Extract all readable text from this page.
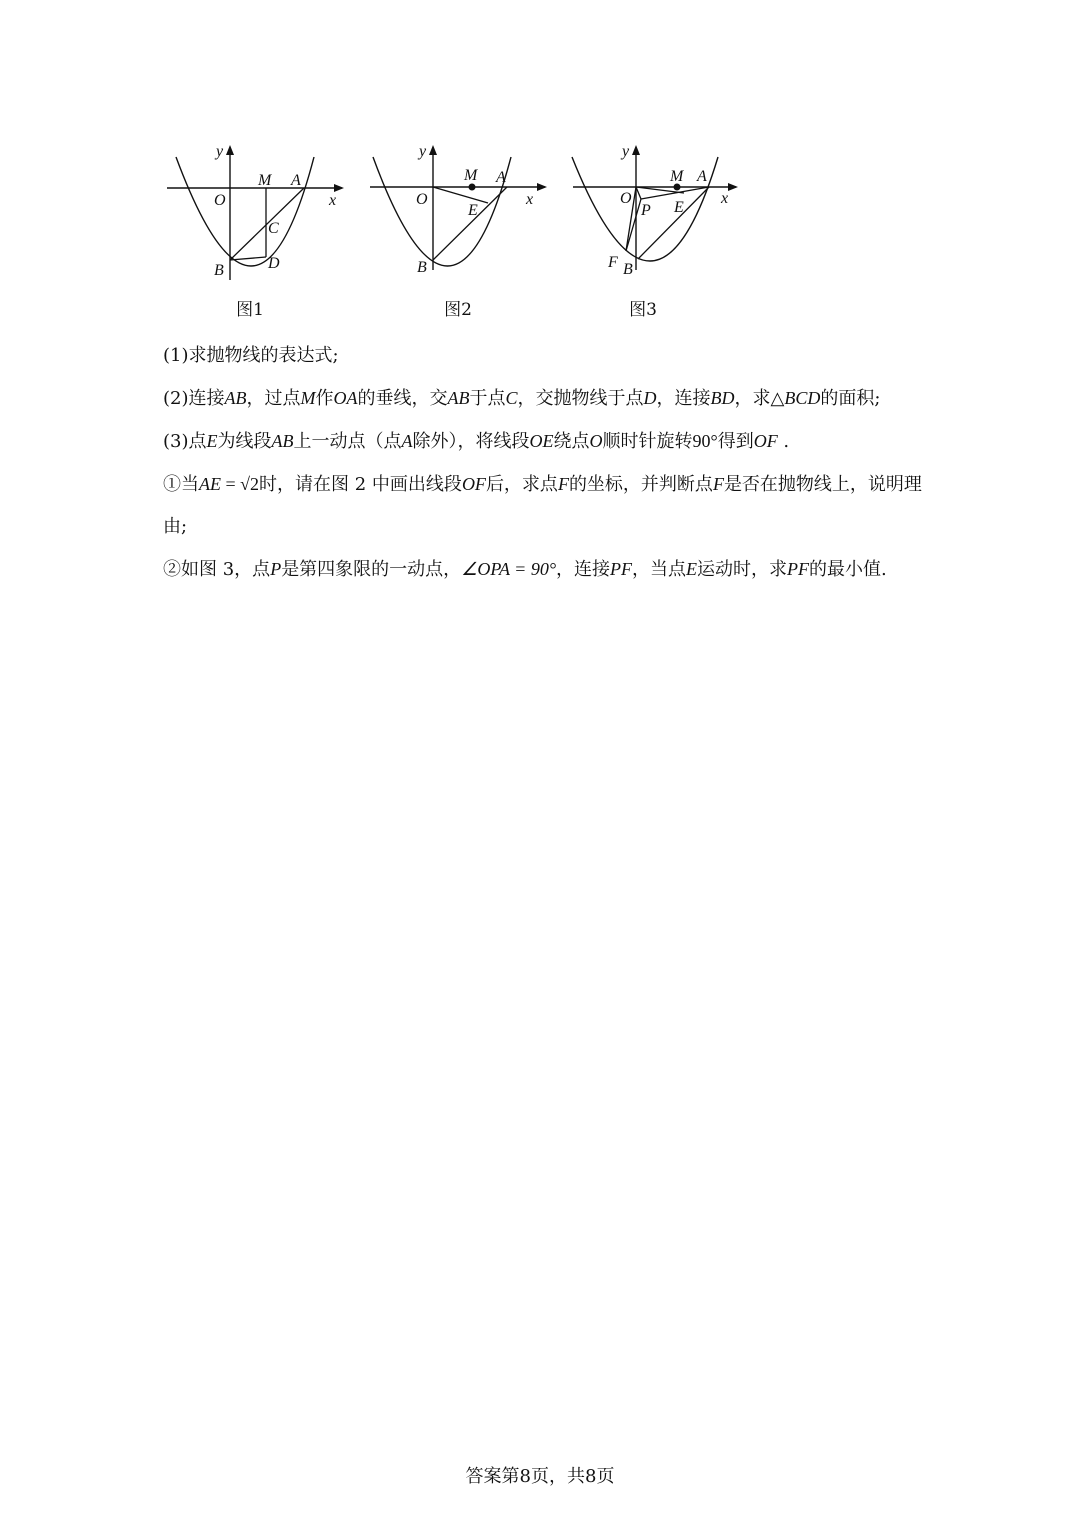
y
x
O
M A
C
D
B
图1
y
x
O
M A
E
B
图2
y
x
O
M A
E
P
F B
图3

(1)求抛物线的表达式;

(2)连接AB，过点M作OA的垂线，交AB于点C，交抛物线于点D，连接BD，求△BCD的面积;

(3)点E为线段AB上一动点（点A除外），将线段OE绕点O顺时针旋转90°得到OF .

①当AE = √2时，请在图 2 中画出线段OF后，求点F的坐标，并判断点F是否在抛物线上，说明理由;

②如图 3，点P是第四象限的一动点，∠OPA = 90°，连接PF，当点E运动时，求PF的最小值.

答案第8页，共8页
